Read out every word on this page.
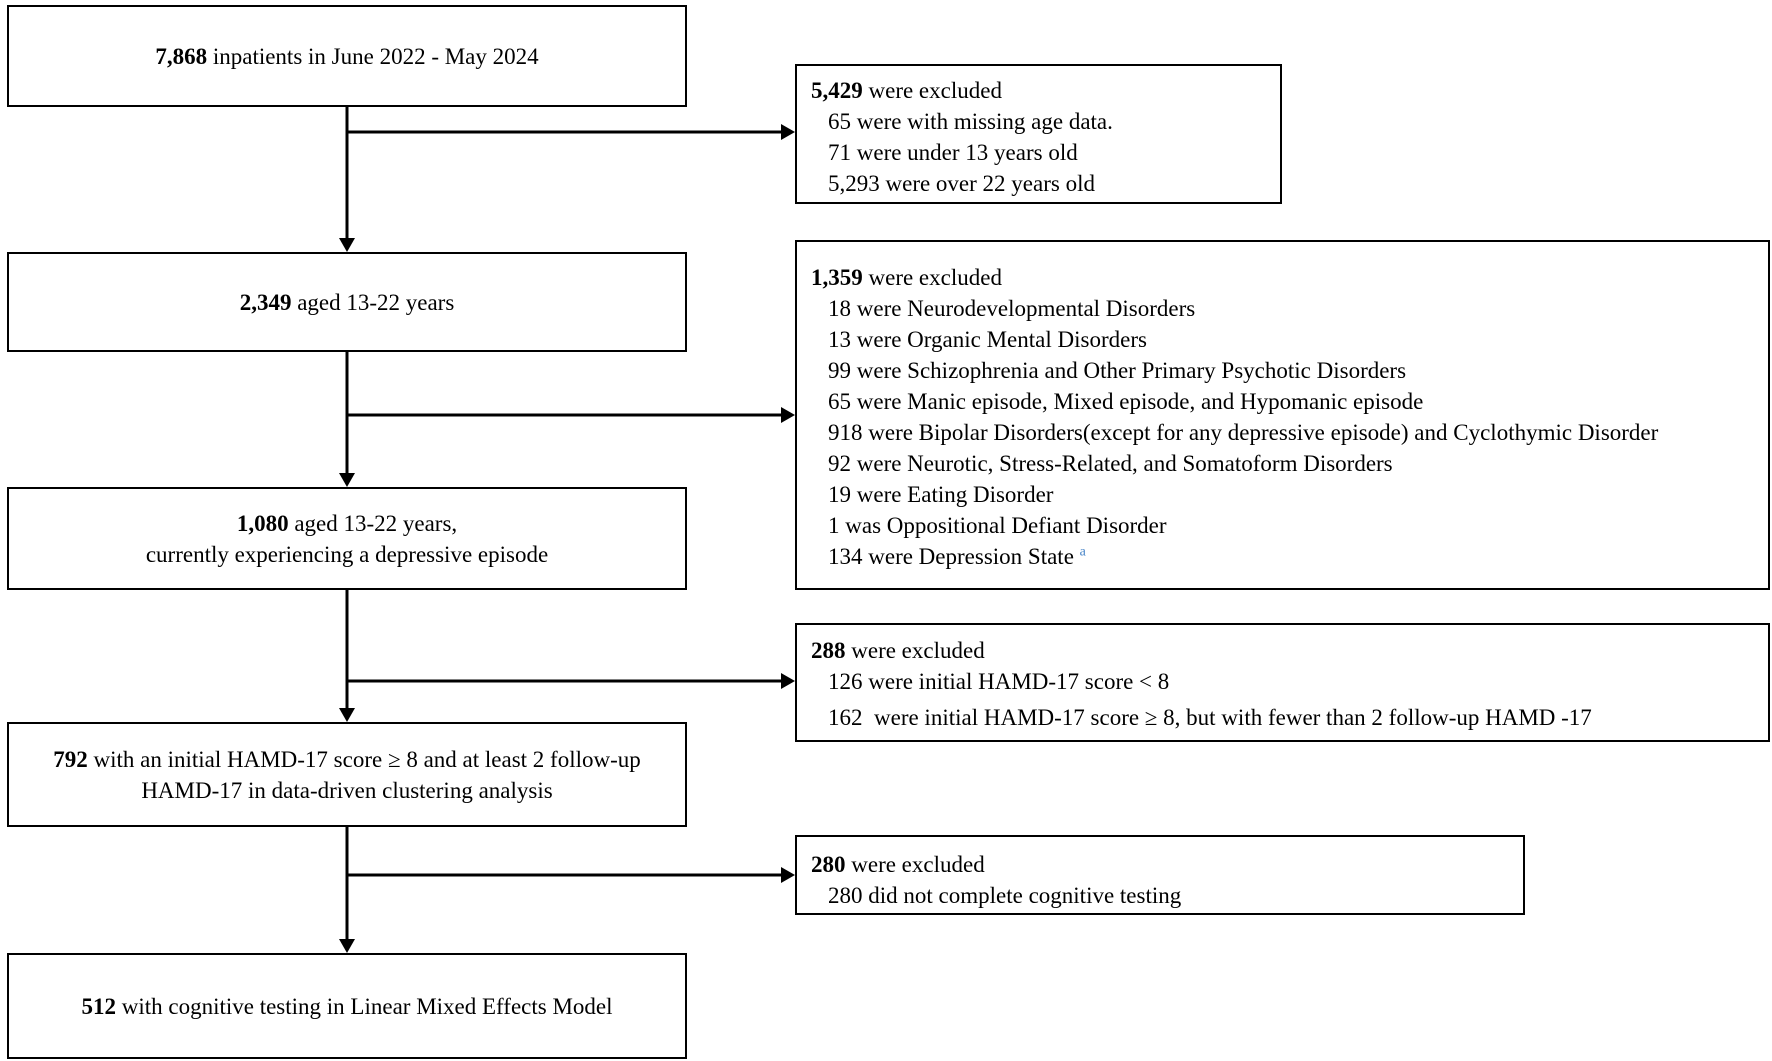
7,868 inpatients in June 2022 - May 2024
2,349 aged 13-22 years
1,080 aged 13-22 years,
currently experiencing a depressive episode
792 with an initial HAMD-17 score ≥ 8 and at least 2 follow-up HAMD-17 in data-driven clustering analysis
512 with cognitive testing in Linear Mixed Effects Model
5,429 were excluded
65 were with missing age data.
71 were under 13 years old
5,293 were over 22 years old
1,359 were excluded
18 were Neurodevelopmental Disorders
13 were Organic Mental Disorders
99 were Schizophrenia and Other Primary Psychotic Disorders
65 were Manic episode, Mixed episode, and Hypomanic episode
918 were Bipolar Disorders(except for any depressive episode) and Cyclothymic Disorder
92 were Neurotic, Stress-Related, and Somatoform Disorders
19 were Eating Disorder
1 was Oppositional Defiant Disorder
134 were Depression State $^a$
288 were excluded
126 were initial HAMD-17 score < 8
162  were initial HAMD-17 score ≥ 8, but with fewer than 2 follow-up HAMD -17
280 were excluded
280 did not complete cognitive testing
